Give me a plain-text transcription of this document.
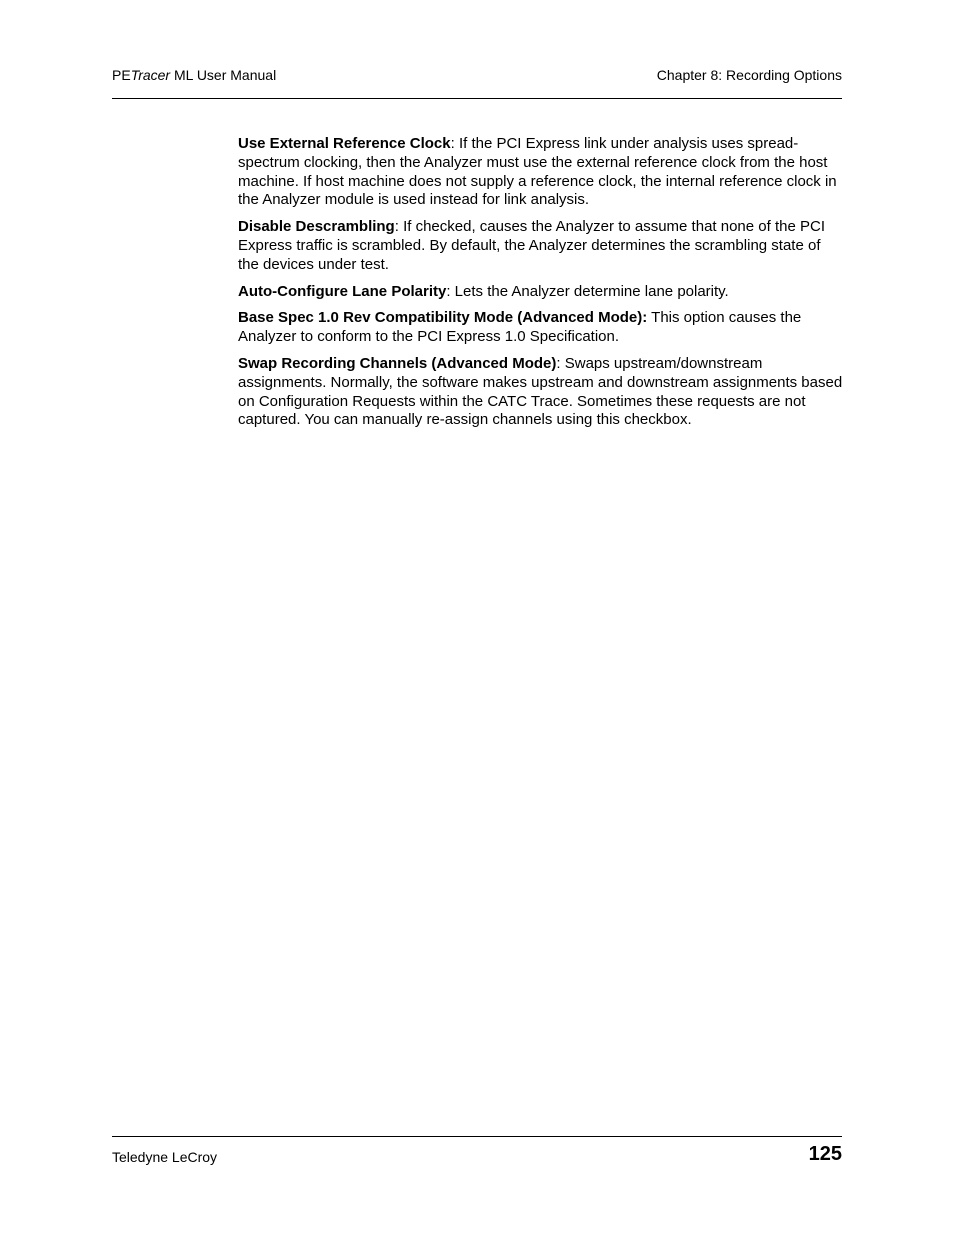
PETracer ML User Manual	Chapter 8: Recording Options

Use External Reference Clock: If the PCI Express link under analysis uses spread-spectrum clocking, then the Analyzer must use the external reference clock from the host machine. If host machine does not supply a reference clock, the internal reference clock in the Analyzer module is used instead for link analysis.

Disable Descrambling: If checked, causes the Analyzer to assume that none of the PCI Express traffic is scrambled. By default, the Analyzer determines the scrambling state of the devices under test.

Auto-Configure Lane Polarity: Lets the Analyzer determine lane polarity.

Base Spec 1.0 Rev Compatibility Mode (Advanced Mode): This option causes the Analyzer to conform to the PCI Express 1.0 Specification.

Swap Recording Channels (Advanced Mode): Swaps upstream/downstream assignments. Normally, the software makes upstream and downstream assignments based on Configuration Requests within the CATC Trace. Sometimes these requests are not captured. You can manually re-assign channels using this checkbox.

Teledyne LeCroy	125
